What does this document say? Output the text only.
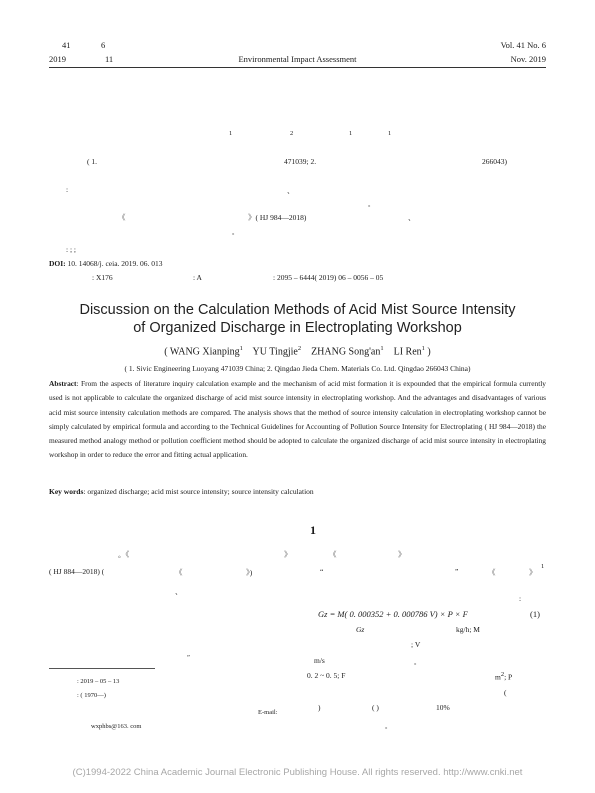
41	6
2019	11	Environmental Impact Assessment
Vol. 41 No. 6
Nov. 2019
1	2	1	1
( 1.	471039; 2.	266043)
:	、
。
《	》( HJ 984—2018)	、
。
: ; ;
DOI: 10. 14068/j. ceia. 2019. 06. 013
: X176	: A	: 2095 – 6444( 2019) 06 – 0056 – 05
Discussion on the Calculation Methods of Acid Mist Source Intensity
of Organized Discharge in Electroplating Workshop
( WANG Xianping$^1$ YU Tingjie$^2$ ZHANG $Song'an^1$ LI Ren$^1$ )
( 1. Sivic Engineering Luoyang 471039 China; 2. Qingdao Jieda Chem. Materials Co. Ltd. Qingdao 266043 China)
Abstract: From the aspects of literature inquiry calculation example and the mechanism of acid mist formation it is expounded that the empirical formula currently used is not applicable to calculate the organized discharge of acid mist source intensity in electroplating workshop. And the advantages and disadvantages of various acid mist source intensity calculation methods are compared. The analysis shows that the method of source intensity calculation in electroplating workshop cannot be simply calculated by empirical formula and according to the Technical Guidelines for Accounting of Pollution Source Intensity for Electroplating ( HJ 984—2018) the measured method analogy method or pollution coefficient method should be adopted to calculate the organized discharge of acid mist source intensity in electroplating workshop in order to reduce the error and fitting actual application.
Key words: organized discharge; acid mist source intensity; source intensity calculation
1
。《	》	《	》
( HJ 884—2018) (	《	》)
、
”
“	《
”	》
1
:
Gz = M( 0. 000352 + 0. 000786 V) × P × F	(1)
Gz	kg/h; M
; V
m/s	。
0. 2 ~ 0. 5; F	$m^2$; P
(
)	( )	10%
。
: 2019 – 05 – 13
: ( 1970—)
E-mail:
wxphbs@163. com
(C)1994-2022 China Academic Journal Electronic Publishing House. All rights reserved. http://www.cnki.net
